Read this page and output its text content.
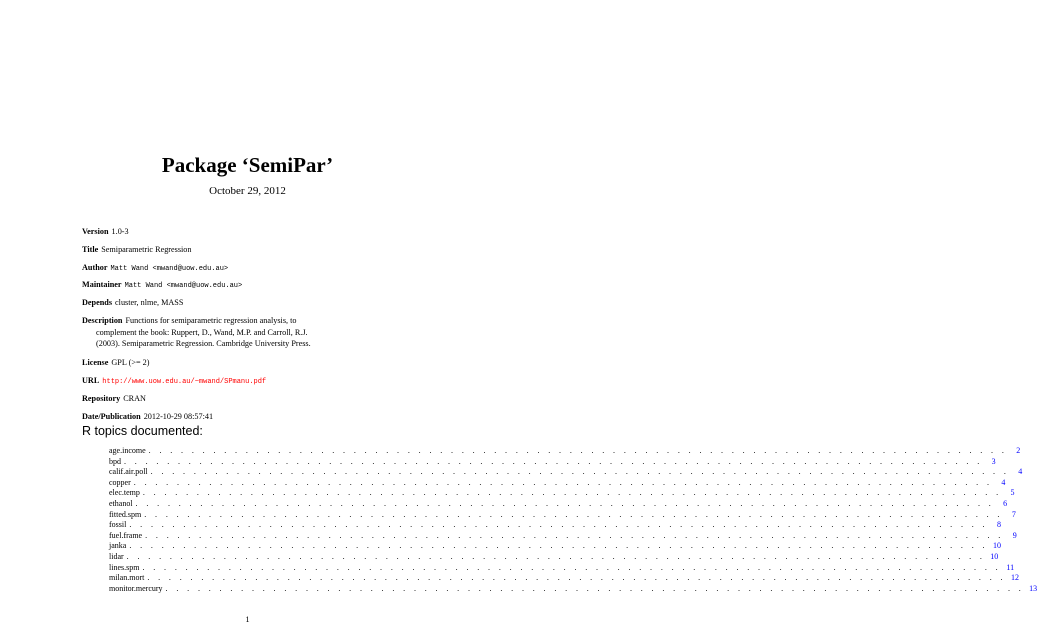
Package ‘SemiPar’
October 29, 2012
Version 1.0-3
Title Semiparametric Regression
Author Matt Wand <mwand@uow.edu.au>
Maintainer Matt Wand <mwand@uow.edu.au>
Depends cluster, nlme, MASS
Description Functions for semiparametric regression analysis, to
complement the book: Ruppert, D., Wand, M.P. and Carroll, R.J.
(2003). Semiparametric Regression. Cambridge University Press.
License GPL (>= 2)
URL http://www.uow.edu.au/~mwand/SPmanu.pdf
Repository CRAN
Date/Publication 2012-10-29 08:57:41
R topics documented:
age.income . . . . . . . . . . . . . . . . . . . . . . . . . . . . . . . . . . . . . . . . . . . . . . . . . . . . . . . . . . . . . . . . . . . . . . . . . . . . . . . .	2
bpd . . . . . . . . . . . . . . . . . . . . . . . . . . . . . . . . . . . . . . . . . . . . . . . . . . . . . . . . . . . . . . . . . . . . . . . . . . . . . . . .	3
calif.air.poll . . . . . . . . . . . . . . . . . . . . . . . . . . . . . . . . . . . . . . . . . . . . . . . . . . . . . . . . . . . . . . . . . . . . . . . . . . . . . . . .	4
copper . . . . . . . . . . . . . . . . . . . . . . . . . . . . . . . . . . . . . . . . . . . . . . . . . . . . . . . . . . . . . . . . . . . . . . . . . . . . . . . .	4
elec.temp . . . . . . . . . . . . . . . . . . . . . . . . . . . . . . . . . . . . . . . . . . . . . . . . . . . . . . . . . . . . . . . . . . . . . . . . . . . . . . . .	5
ethanol . . . . . . . . . . . . . . . . . . . . . . . . . . . . . . . . . . . . . . . . . . . . . . . . . . . . . . . . . . . . . . . . . . . . . . . . . . . . . . . .	6
fitted.spm . . . . . . . . . . . . . . . . . . . . . . . . . . . . . . . . . . . . . . . . . . . . . . . . . . . . . . . . . . . . . . . . . . . . . . . . . . . . . . . .	7
fossil . . . . . . . . . . . . . . . . . . . . . . . . . . . . . . . . . . . . . . . . . . . . . . . . . . . . . . . . . . . . . . . . . . . . . . . . . . . . . . . .	8
fuel.frame . . . . . . . . . . . . . . . . . . . . . . . . . . . . . . . . . . . . . . . . . . . . . . . . . . . . . . . . . . . . . . . . . . . . . . . . . . . . . . . .	9
janka . . . . . . . . . . . . . . . . . . . . . . . . . . . . . . . . . . . . . . . . . . . . . . . . . . . . . . . . . . . . . . . . . . . . . . . . . . . . . . . . 10
lidar . . . . . . . . . . . . . . . . . . . . . . . . . . . . . . . . . . . . . . . . . . . . . . . . . . . . . . . . . . . . . . . . . . . . . . . . . . . . . . . . 10
lines.spm . . . . . . . . . . . . . . . . . . . . . . . . . . . . . . . . . . . . . . . . . . . . . . . . . . . . . . . . . . . . . . . . . . . . . . . . . . . . . . . . 11
milan.mort . . . . . . . . . . . . . . . . . . . . . . . . . . . . . . . . . . . . . . . . . . . . . . . . . . . . . . . . . . . . . . . . . . . . . . . . . . . . . . . . 12
monitor.mercury . . . . . . . . . . . . . . . . . . . . . . . . . . . . . . . . . . . . . . . . . . . . . . . . . . . . . . . . . . . . . . . . . . . . . . . . . . . . . . . . 13
1
